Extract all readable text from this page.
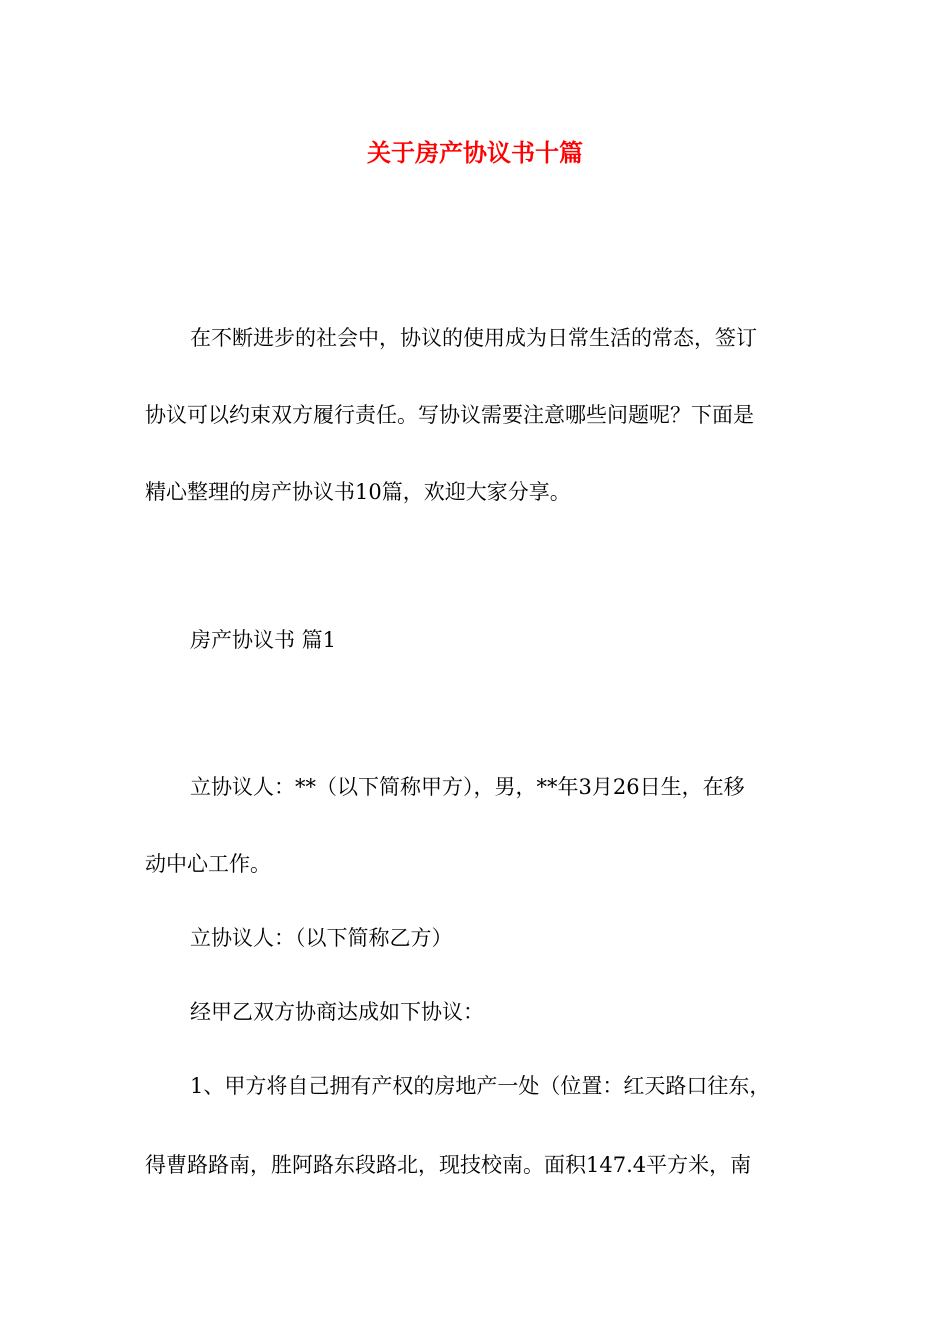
关于房产协议书十篇
在不断进步的社会中，协议的使用成为日常生活的常态，签订
协议可以约束双方履行责任。写协议需要注意哪些问题呢？下面是
精心整理的房产协议书10篇，欢迎大家分享。
房产协议书 篇1
立协议人：**（以下简称甲方），男，**年3月26日生，在移
动中心工作。
立协议人：（以下简称乙方）
经甲乙双方协商达成如下协议：
1、甲方将自己拥有产权的房地产一处（位置：红天路口往东，
得曹路路南，胜阿路东段路北，现技校南。面积147.4平方米，南
